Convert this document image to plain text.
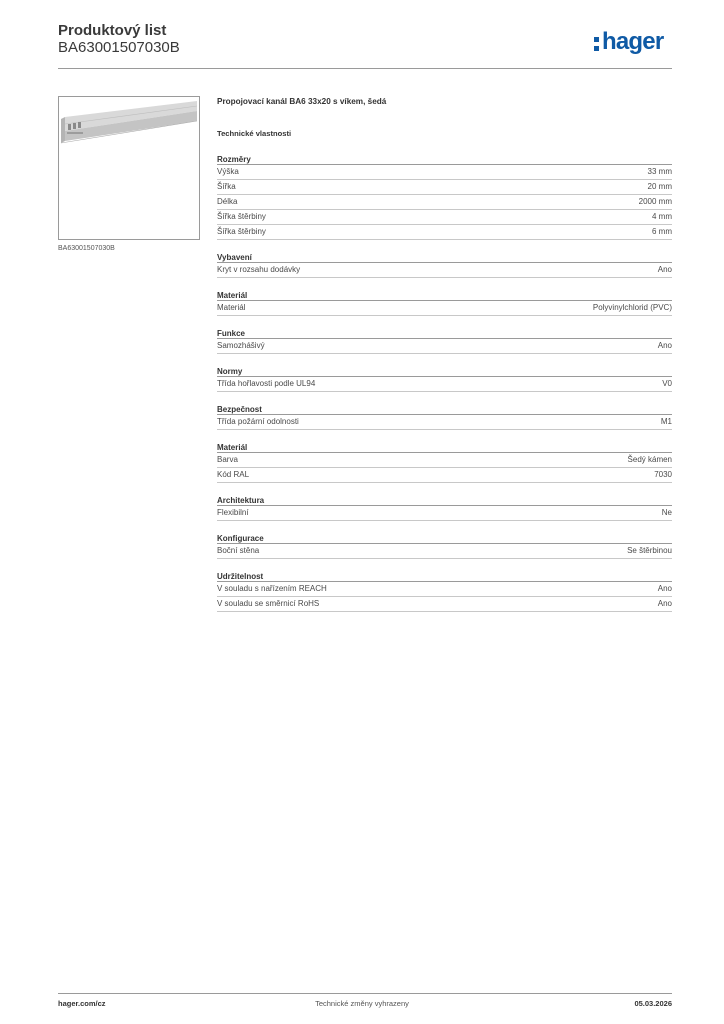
Produktový list
BA63001507030B	hager
BA63001507030B
Propojovací kanál BA6 33x20 s víkem, šedá
Technické vlastnosti
Rozměry
Výška	33 mm
Šířka	20 mm
Délka	2000 mm
Šířka štěrbiny	4 mm
Šířka štěrbiny	6 mm
Vybavení
Kryt v rozsahu dodávky	Ano
Materiál
Materiál	Polyvinylchlorid (PVC)
Funkce
Samozhášivý	Ano
Normy
Třída hořlavosti podle UL94	V0
Bezpečnost
Třída požární odolnosti	M1
Materiál
Barva	Šedý kámen
Kód RAL	7030
Architektura
Flexibilní	Ne
Konfigurace
Boční stěna	Se štěrbinou
Udržitelnost
V souladu s nařízením REACH	Ano
V souladu se směrnicí RoHS	Ano
hager.com/cz	Technické změny vyhrazeny	05.03.2026
